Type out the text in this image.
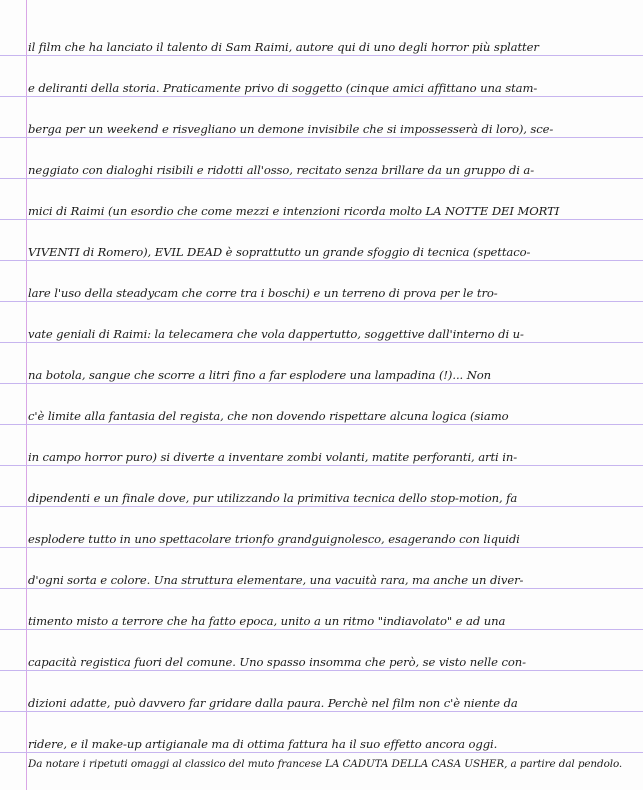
il film che ha lanciato il talento di Sam Raimi, autore qui di uno degli horror più splatter
e deliranti della storia. Praticamente privo di soggetto (cinque amici affittano una stam-
berga per un weekend e risvegliano un demone invisibile che si impossesserà di loro), sce-
neggiato con dialoghi risibili e ridotti all'osso, recitato senza brillare da un gruppo di a-
mici di Raimi (un esordio che come mezzi e intenzioni ricorda molto LA NOTTE DEI MORTI
VIVENTI di Romero), EVIL DEAD è soprattutto un grande sfoggio di tecnica (spettaco-
lare l'uso della steadycam che corre tra i boschi) e un terreno di prova per le tro-
vate geniali di Raimi: la telecamera che vola dappertutto, soggettive dall'interno di u-
na botola, sangue che scorre a litri fino a far esplodere una lampadina (!)... Non
c'è limite alla fantasia del regista, che non dovendo rispettare alcuna logica (siamo
in campo horror puro) si diverte a inventare zombi volanti, matite perforanti, arti in-
dipendenti e un finale dove, pur utilizzando la primitiva tecnica dello stop-motion, fa
esplodere tutto in uno spettacolare trionfo grandguignolesco, esagerando con liquidi
d'ogni sorta e colore. Una struttura elementare, una vacuità rara, ma anche un diver-
timento misto a terrore che ha fatto epoca, unito a un ritmo "indiavolato" e ad una
capacità registica fuori del comune. Uno spasso insomma che però, se visto nelle con-
dizioni adatte, può davvero far gridare dalla paura. Perchè nel film non c'è niente da
ridere, e il make-up artigianale ma di ottima fattura ha il suo effetto ancora oggi.
Da notare i ripetuti omaggi al classico del muto francese LA CADUTA DELLA CASA USHER, a partire dal pendolo.
